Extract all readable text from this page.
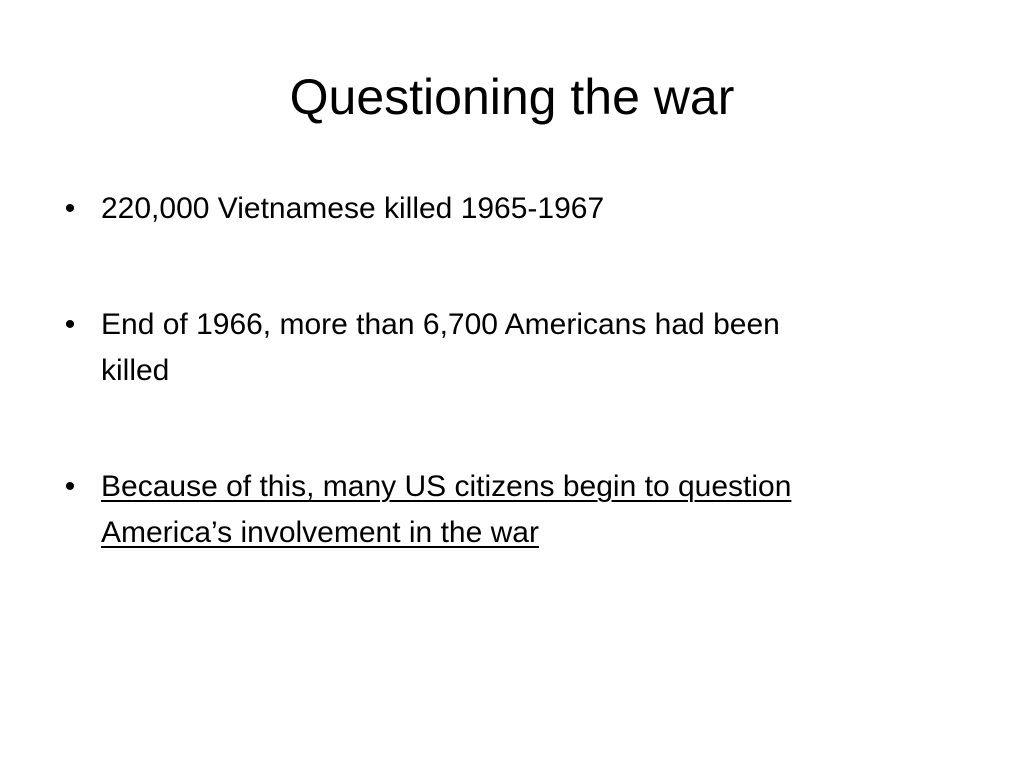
Questioning the war
• 220,000 Vietnamese killed 1965-1967
• End of 1966, more than 6,700 Americans had been killed
• Because of this, many US citizens begin to question America’s involvement in the war
